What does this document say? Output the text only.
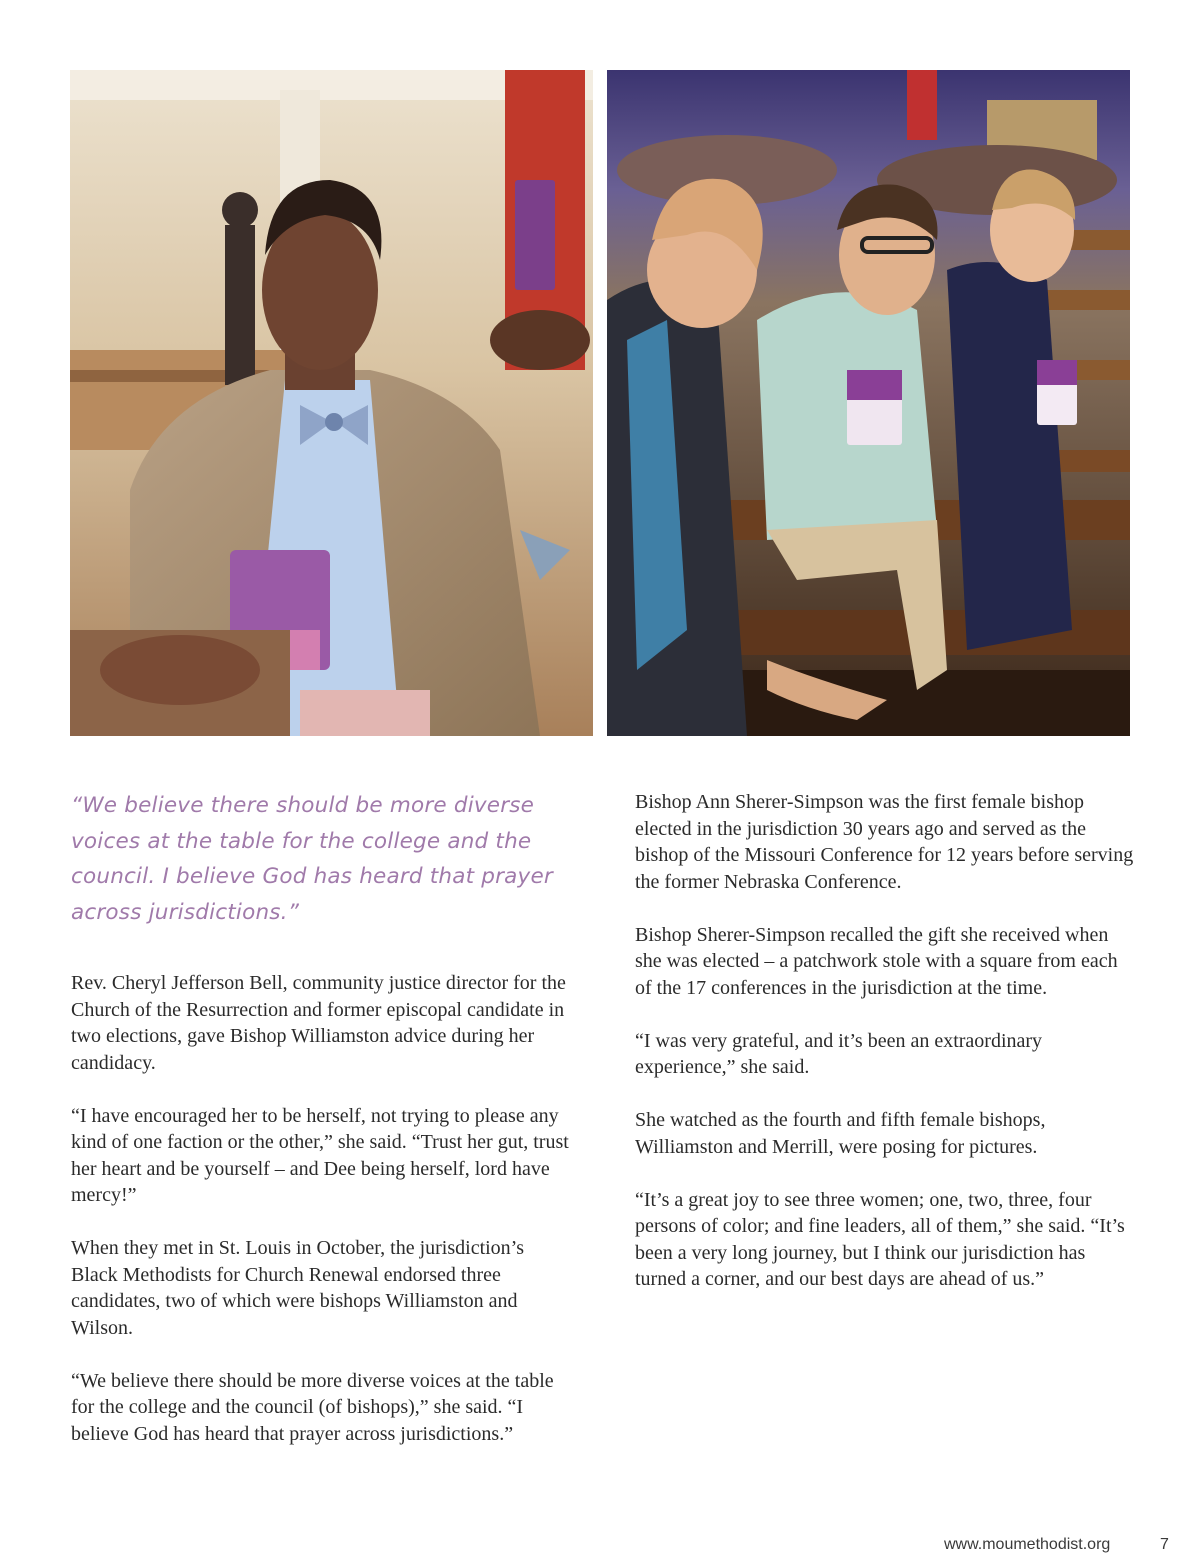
“We believe there should be more diverse voices at the table for the college and the council. I believe God has heard that prayer across jurisdictions.”

Rev. Cheryl Jefferson Bell, community justice director for the Church of the Resurrection and former episcopal candidate in two elections, gave Bishop Williamston advice during her candidacy.

“I have encouraged her to be herself, not trying to please any kind of one faction or the other,” she said. “Trust her gut, trust her heart and be yourself – and Dee being herself, lord have mercy!”

When they met in St. Louis in October, the jurisdiction’s Black Methodists for Church Renewal endorsed three candidates, two of which were bishops Williamston and Wilson.

“We believe there should be more diverse voices at the table for the college and the council (of bishops),” she said. “I believe God has heard that prayer across jurisdictions.”

Bishop Ann Sherer-Simpson was the first female bishop elected in the jurisdiction 30 years ago and served as the bishop of the Missouri Conference for 12 years before serving the former Nebraska Conference.

Bishop Sherer-Simpson recalled the gift she received when she was elected – a patchwork stole with a square from each of the 17 conferences in the jurisdiction at the time.

“I was very grateful, and it’s been an extraordinary experience,” she said.

She watched as the fourth and fifth female bishops, Williamston and Merrill, were posing for pictures.

“It’s a great joy to see three women; one, two, three, four persons of color; and fine leaders, all of them,” she said. “It’s been a very long journey, but I think our jurisdiction has turned a corner, and our best days are ahead of us.”

www.moumethodist.org	7
